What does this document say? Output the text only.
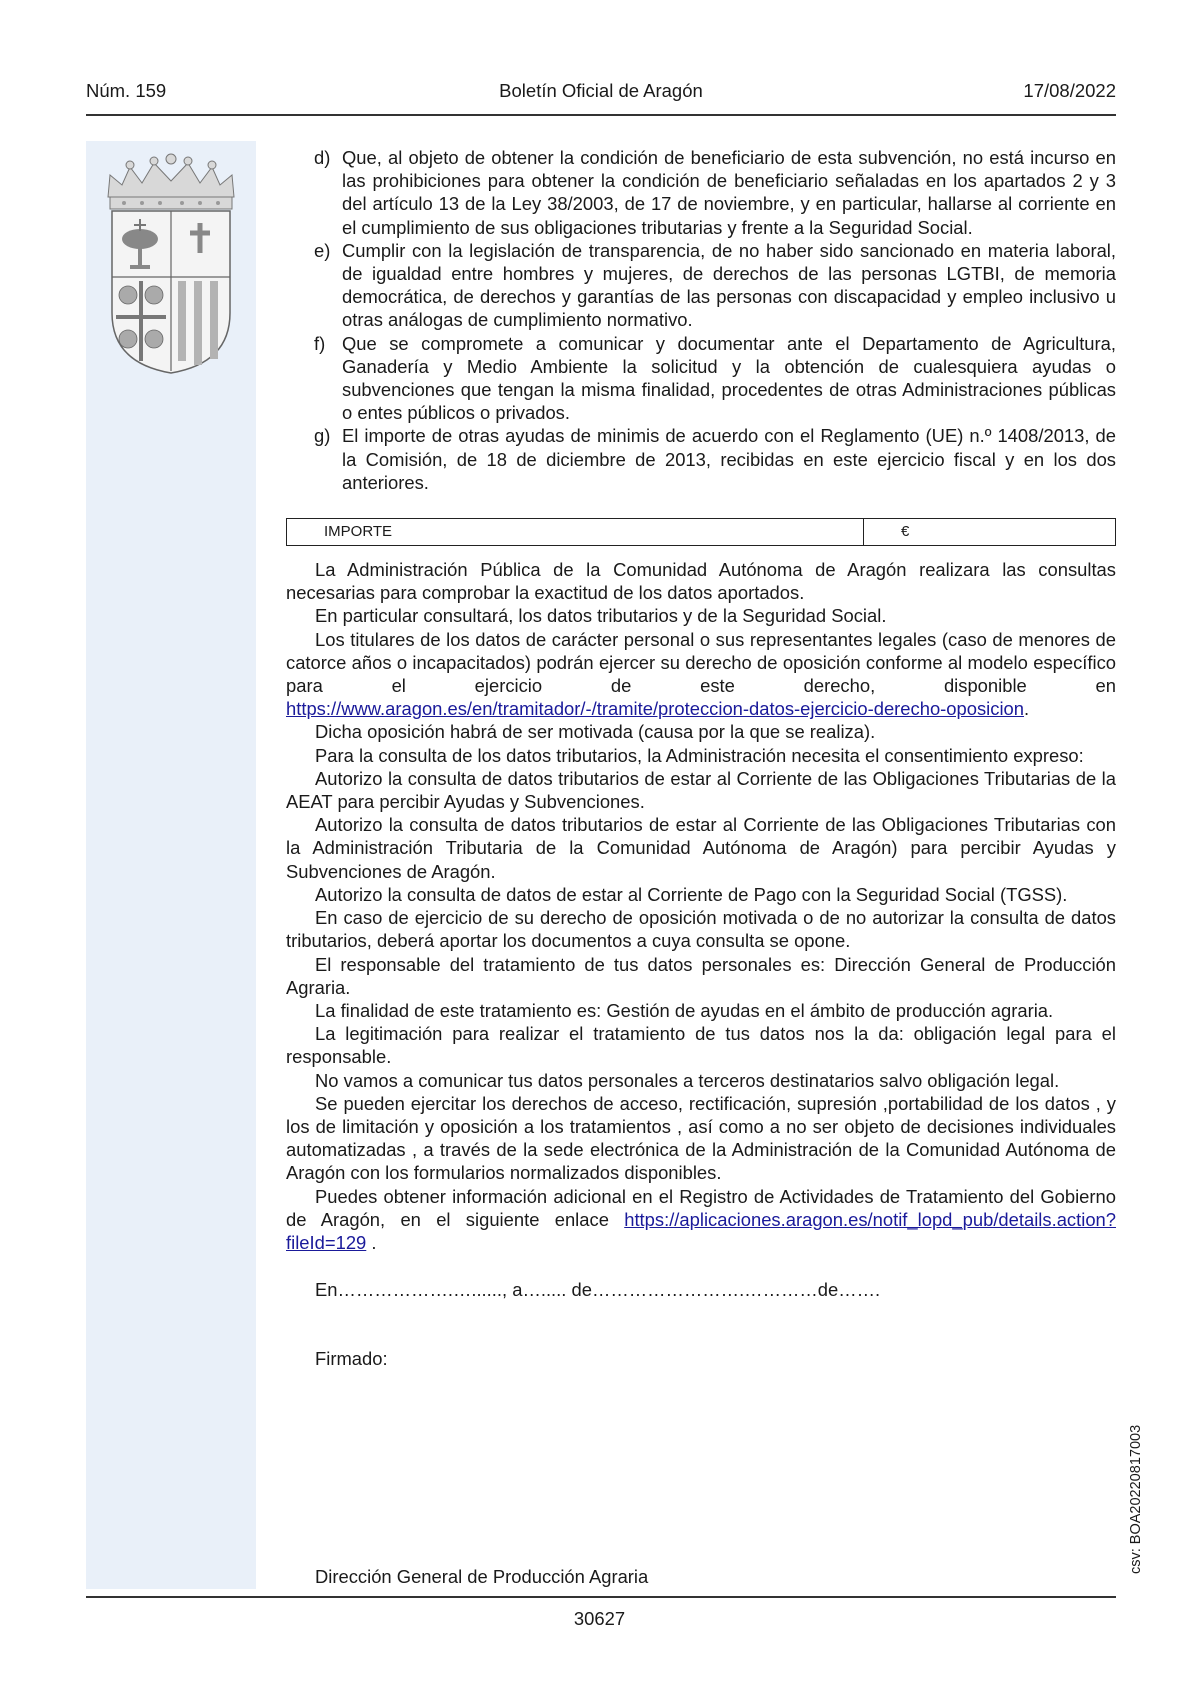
Núm. 159	Boletín Oficial de Aragón	17/08/2022
d) Que, al objeto de obtener la condición de beneficiario de esta subvención, no está incurso en las prohibiciones para obtener la condición de beneficiario señaladas en los apartados 2 y 3 del artículo 13 de la Ley 38/2003, de 17 de noviembre, y en particular, hallarse al corriente en el cumplimiento de sus obligaciones tributarias y frente a la Seguridad Social.
e) Cumplir con la legislación de transparencia, de no haber sido sancionado en materia laboral, de igualdad entre hombres y mujeres, de derechos de las personas LGTBI, de memoria democrática, de derechos y garantías de las personas con discapacidad y empleo inclusivo u otras análogas de cumplimiento normativo.
f) Que se compromete a comunicar y documentar ante el Departamento de Agricultura, Ganadería y Medio Ambiente la solicitud y la obtención de cualesquiera ayudas o subvenciones que tengan la misma finalidad, procedentes de otras Administraciones públicas o entes públicos o privados.
g) El importe de otras ayudas de minimis de acuerdo con el Reglamento (UE) n.º 1408/2013, de la Comisión, de 18 de diciembre de 2013, recibidas en este ejercicio fiscal y en los dos anteriores.
IMPORTE	€

La Administración Pública de la Comunidad Autónoma de Aragón realizara las consultas necesarias para comprobar la exactitud de los datos aportados.

En particular consultará, los datos tributarios y de la Seguridad Social.

Los titulares de los datos de carácter personal o sus representantes legales (caso de menores de catorce años o incapacitados) podrán ejercer su derecho de oposición conforme al modelo específico para el ejercicio de este derecho, disponible en https://www.aragon.es/en/tramitador/-/tramite/proteccion-datos-ejercicio-derecho-oposicion.

Dicha oposición habrá de ser motivada (causa por la que se realiza).

Para la consulta de los datos tributarios, la Administración necesita el consentimiento expreso:

Autorizo la consulta de datos tributarios de estar al Corriente de las Obligaciones Tributarias de la AEAT para percibir Ayudas y Subvenciones.

Autorizo la consulta de datos tributarios de estar al Corriente de las Obligaciones Tributarias con la Administración Tributaria de la Comunidad Autónoma de Aragón) para percibir Ayudas y Subvenciones de Aragón.

Autorizo la consulta de datos de estar al Corriente de Pago con la Seguridad Social (TGSS).

En caso de ejercicio de su derecho de oposición motivada o de no autorizar la consulta de datos tributarios, deberá aportar los documentos a cuya consulta se opone.

El responsable del tratamiento de tus datos personales es: Dirección General de Producción Agraria.

La finalidad de este tratamiento es: Gestión de ayudas en el ámbito de producción agraria.

La legitimación para realizar el tratamiento de tus datos nos la da: obligación legal para el responsable.

No vamos a comunicar tus datos personales a terceros destinatarios salvo obligación legal.

Se pueden ejercitar los derechos de acceso, rectificación, supresión ,portabilidad de los datos , y los de limitación y oposición a los tratamientos , así como a no ser objeto de decisiones individuales automatizadas , a través de la sede electrónica de la Administración de la Comunidad Autónoma de Aragón con los formularios normalizados disponibles.

Puedes obtener información adicional en el Registro de Actividades de Tratamiento del Gobierno de Aragón, en el siguiente enlace https://aplicaciones.aragon.es/notif_lopd_pub/details.action?fileId=129 .

En……………….…......, a…..... de…………………….…………de…….
Firmado:
Dirección General de Producción Agraria
30627
csv: BOA20220817003
